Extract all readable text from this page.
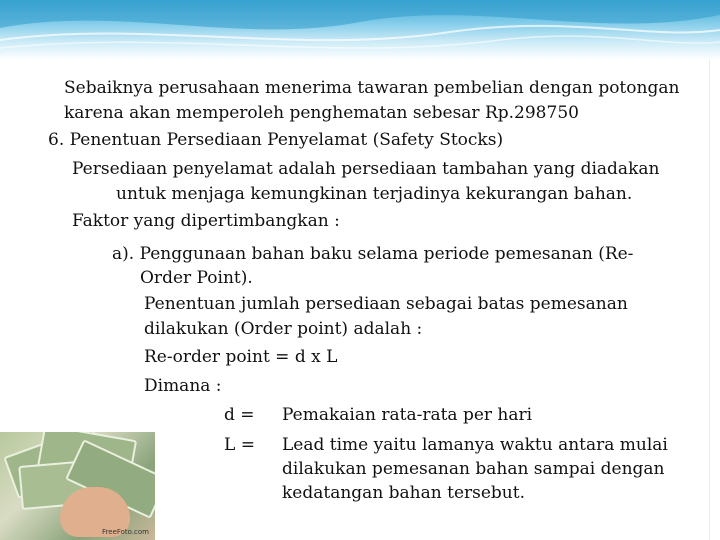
Sebaiknya perusahaan menerima tawaran pembelian dengan potongan
karena akan memperoleh penghematan sebesar Rp.298750
6. Penentuan Persediaan Penyelamat (Safety Stocks)
Persediaan penyelamat adalah persediaan tambahan yang diadakan
untuk menjaga kemungkinan terjadinya kekurangan bahan.
Faktor yang dipertimbangkan :
a). Penggunaan bahan baku selama periode pemesanan (Re-
Order Point).
Penentuan jumlah persediaan sebagai batas pemesanan
dilakukan (Order point) adalah :
Re-order point = d x L
Dimana :
d = Pemakaian rata-rata per hari
L = Lead time yaitu lamanya waktu antara mulai
dilakukan pemesanan bahan sampai dengan
kedatangan bahan tersebut.
FreeFoto.com
